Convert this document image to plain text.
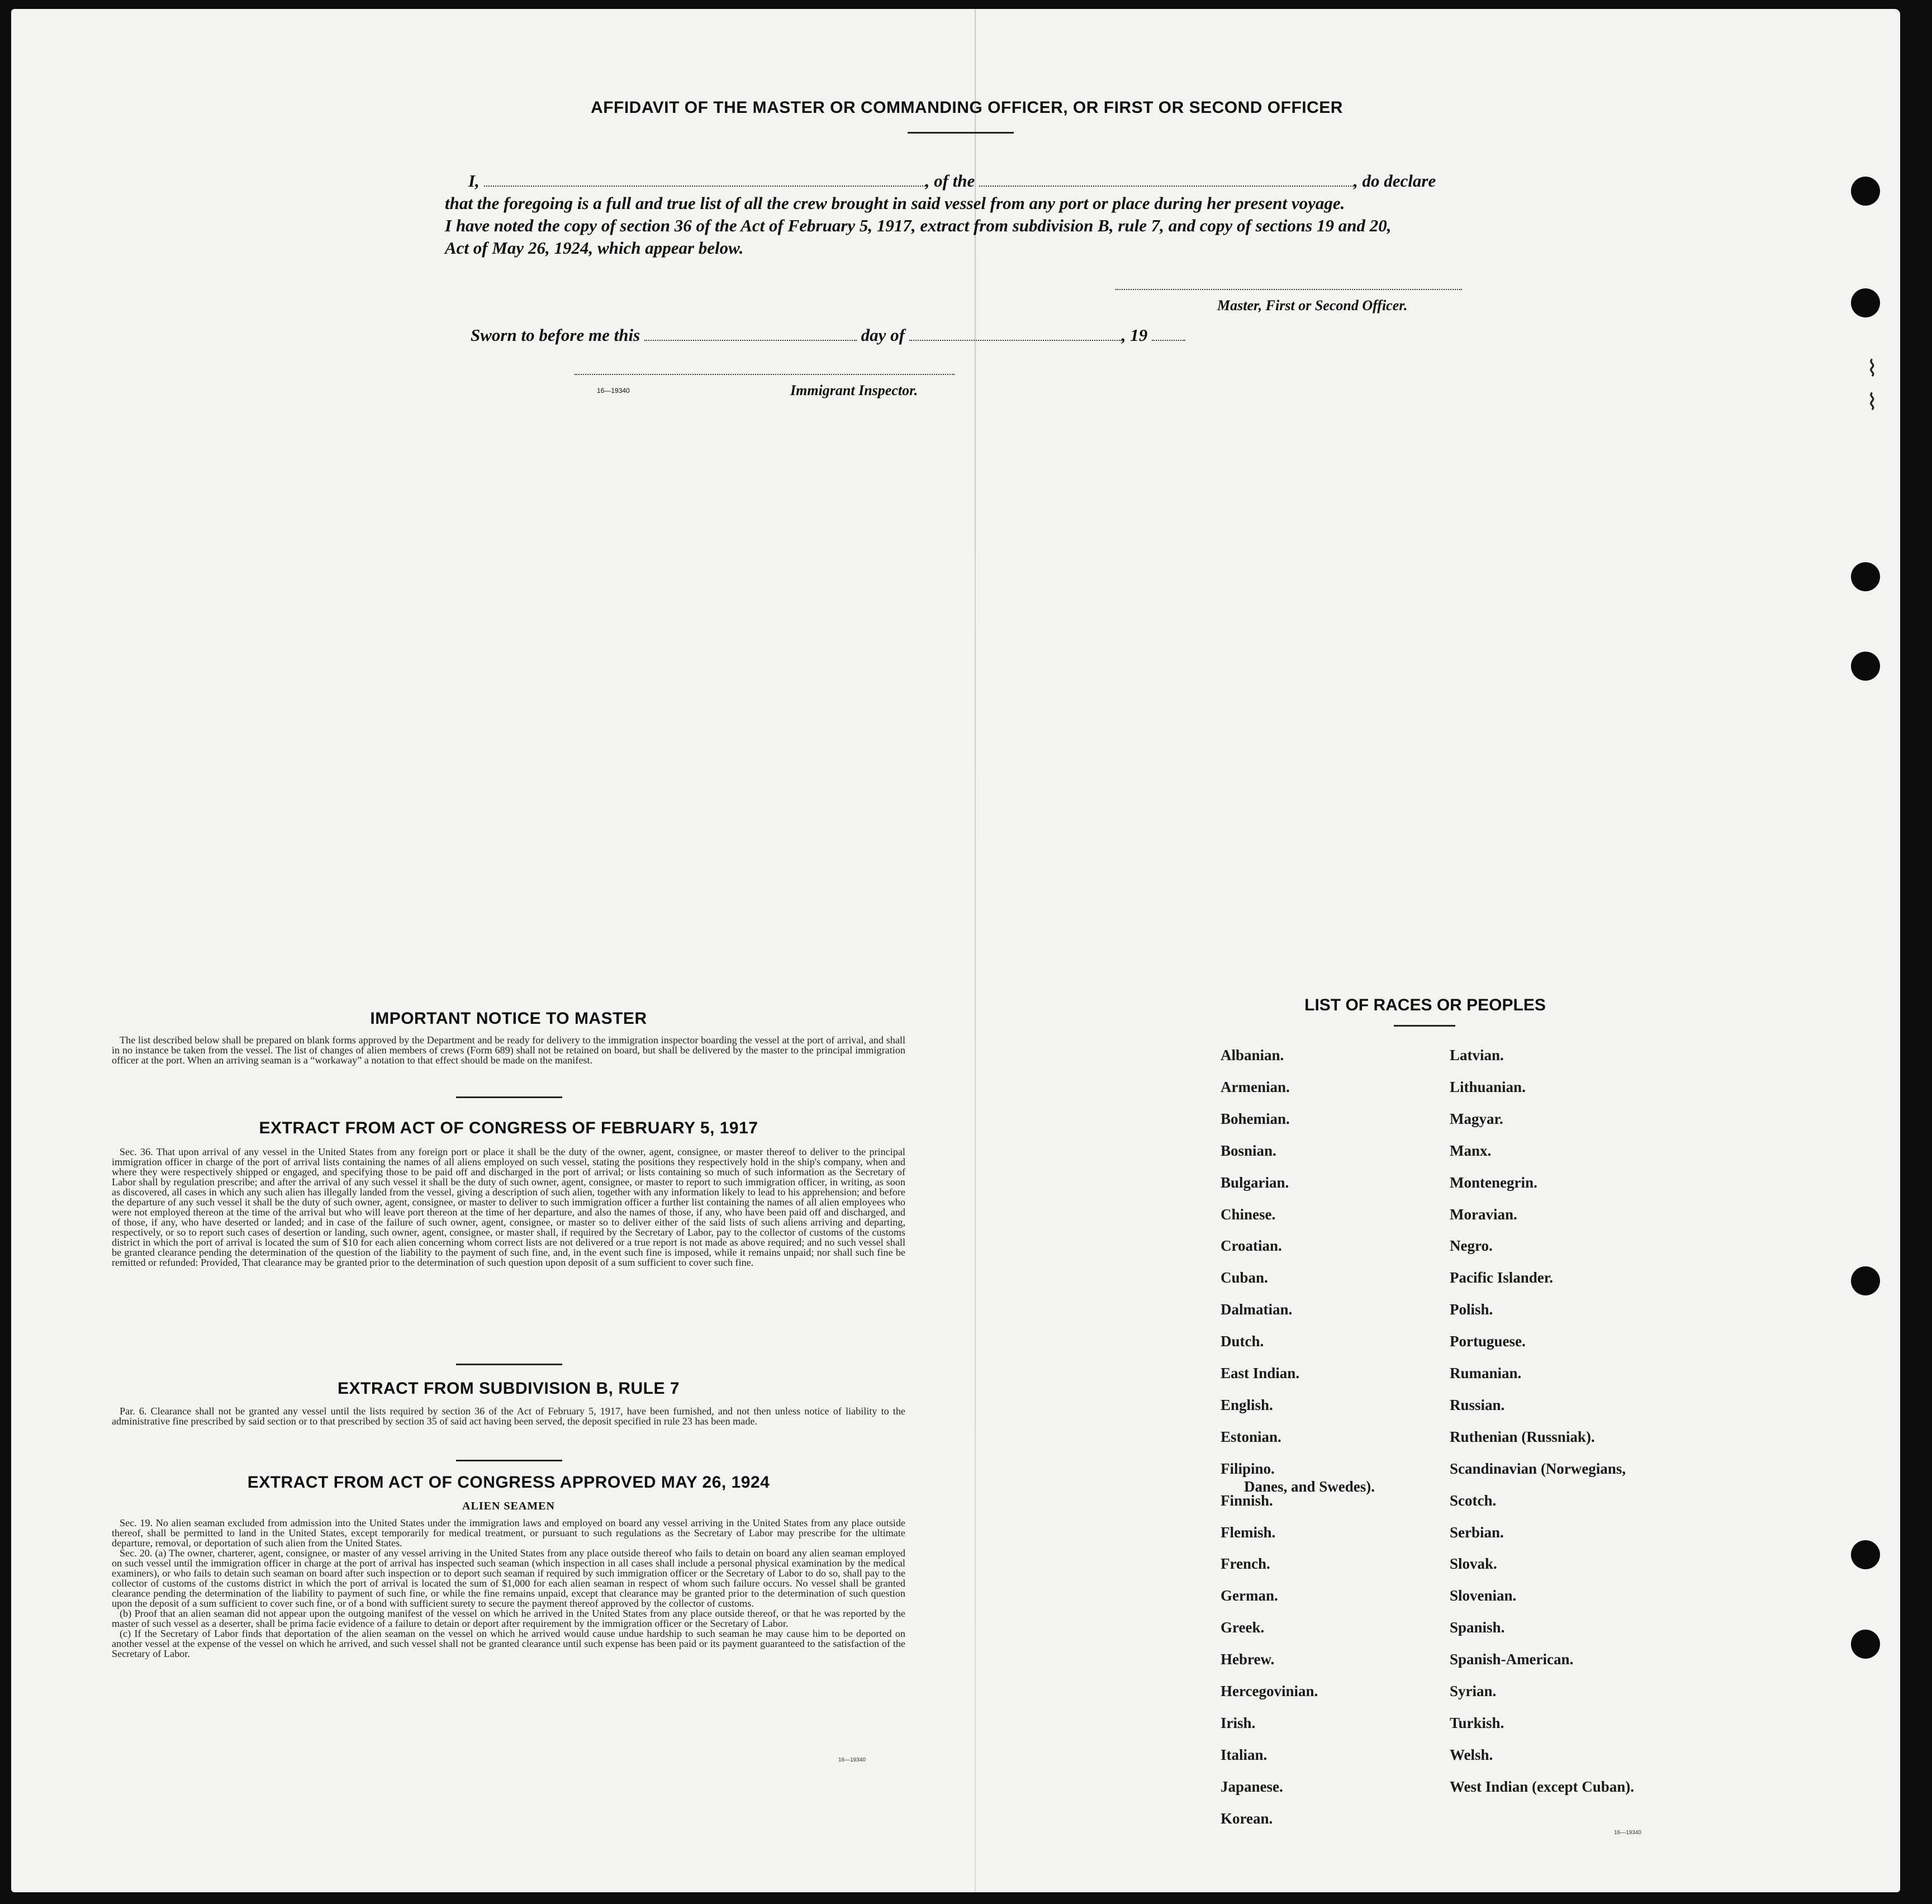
⌇
⌇
AFFIDAVIT OF THE MASTER OR COMMANDING OFFICER, OR FIRST OR SECOND OFFICER
I,	, of the	, do declare
that the foregoing is a full and true list of all the crew brought in said vessel from any port or place during her present voyage.
I have noted the copy of section 36 of the Act of February 5, 1917, extract from subdivision B, rule 7, and copy of sections 19 and 20,
Act of May 26, 1924, which appear below.
Master, First or Second Officer.
Sworn to before me this	day of	, 19
16—19340	Immigrant Inspector.
IMPORTANT NOTICE TO MASTER

The list described below shall be prepared on blank forms approved by the Department and be ready for delivery to the immigration inspector boarding the vessel at the port of arrival, and shall in no instance be taken from the vessel. The list of changes of alien members of crews (Form 689) shall not be retained on board, but shall be delivered by the master to the principal immigration officer at the port. When an arriving seaman is a “workaway” a notation to that effect should be made on the manifest.

EXTRACT FROM ACT OF CONGRESS OF FEBRUARY 5, 1917

Sec. 36. That upon arrival of any vessel in the United States from any foreign port or place it shall be the duty of the owner, agent, consignee, or master thereof to deliver to the principal immigration officer in charge of the port of arrival lists containing the names of all aliens employed on such vessel, stating the positions they respectively hold in the ship's company, when and where they were respectively shipped or engaged, and specifying those to be paid off and discharged in the port of arrival; or lists containing so much of such information as the Secretary of Labor shall by regulation prescribe; and after the arrival of any such vessel it shall be the duty of such owner, agent, consignee, or master to report to such immigration officer, in writing, as soon as discovered, all cases in which any such alien has illegally landed from the vessel, giving a description of such alien, together with any information likely to lead to his apprehension; and before the departure of any such vessel it shall be the duty of such owner, agent, consignee, or master to deliver to such immigration officer a further list containing the names of all alien employees who were not employed thereon at the time of the arrival but who will leave port thereon at the time of her departure, and also the names of those, if any, who have been paid off and discharged, and of those, if any, who have deserted or landed; and in case of the failure of such owner, agent, consignee, or master so to deliver either of the said lists of such aliens arriving and departing, respectively, or so to report such cases of desertion or landing, such owner, agent, consignee, or master shall, if required by the Secretary of Labor, pay to the collector of customs of the customs district in which the port of arrival is located the sum of $10 for each alien concerning whom correct lists are not delivered or a true report is not made as above required; and no such vessel shall be granted clearance pending the determination of the question of the liability to the payment of such fine, and, in the event such fine is imposed, while it remains unpaid; nor shall such fine be remitted or refunded: Provided, That clearance may be granted prior to the determination of such question upon deposit of a sum sufficient to cover such fine.

EXTRACT FROM SUBDIVISION B, RULE 7

Par. 6. Clearance shall not be granted any vessel until the lists required by section 36 of the Act of February 5, 1917, have been furnished, and not then unless notice of liability to the administrative fine prescribed by said section or to that prescribed by section 35 of said act having been served, the deposit specified in rule 23 has been made.

EXTRACT FROM ACT OF CONGRESS APPROVED MAY 26, 1924
ALIEN SEAMEN

Sec. 19. No alien seaman excluded from admission into the United States under the immigration laws and employed on board any vessel arriving in the United States from any place outside thereof, shall be permitted to land in the United States, except temporarily for medical treatment, or pursuant to such regulations as the Secretary of Labor may prescribe for the ultimate departure, removal, or deportation of such alien from the United States.

Sec. 20. (a) The owner, charterer, agent, consignee, or master of any vessel arriving in the United States from any place outside thereof who fails to detain on board any alien seaman employed on such vessel until the immigration officer in charge at the port of arrival has inspected such seaman (which inspection in all cases shall include a personal physical examination by the medical examiners), or who fails to detain such seaman on board after such inspection or to deport such seaman if required by such immigration officer or the Secretary of Labor to do so, shall pay to the collector of customs of the customs district in which the port of arrival is located the sum of $1,000 for each alien seaman in respect of whom such failure occurs. No vessel shall be granted clearance pending the determination of the liability to payment of such fine, or while the fine remains unpaid, except that clearance may be granted prior to the determination of such question upon the deposit of a sum sufficient to cover such fine, or of a bond with sufficient surety to secure the payment thereof approved by the collector of customs.

(b) Proof that an alien seaman did not appear upon the outgoing manifest of the vessel on which he arrived in the United States from any place outside thereof, or that he was reported by the master of such vessel as a deserter, shall be prima facie evidence of a failure to detain or deport after requirement by the immigration officer or the Secretary of Labor.

(c) If the Secretary of Labor finds that deportation of the alien seaman on the vessel on which he arrived would cause undue hardship to such seaman he may cause him to be deported on another vessel at the expense of the vessel on which he arrived, and such vessel shall not be granted clearance until such expense has been paid or its payment guaranteed to the satisfaction of the Secretary of Labor.

16—19340
LIST OF RACES OR PEOPLES
16—19340
Albanian.
Armenian.
Bohemian.
Bosnian.
Bulgarian.
Chinese.
Croatian.
Cuban.
Dalmatian.
Dutch.
East Indian.
English.
Estonian.
Filipino.
Finnish.
Flemish.
French.
German.
Greek.
Hebrew.
Hercegovinian.
Irish.
Italian.
Japanese.
Korean.
Latvian.
Lithuanian.
Magyar.
Manx.
Montenegrin.
Moravian.
Negro.
Pacific Islander.
Polish.
Portuguese.
Rumanian.
Russian.
Ruthenian (Russniak).
Scandinavian (Norwegians,
Danes, and Swedes).
Scotch.
Serbian.
Slovak.
Slovenian.
Spanish.
Spanish-American.
Syrian.
Turkish.
Welsh.
West Indian (except Cuban).
